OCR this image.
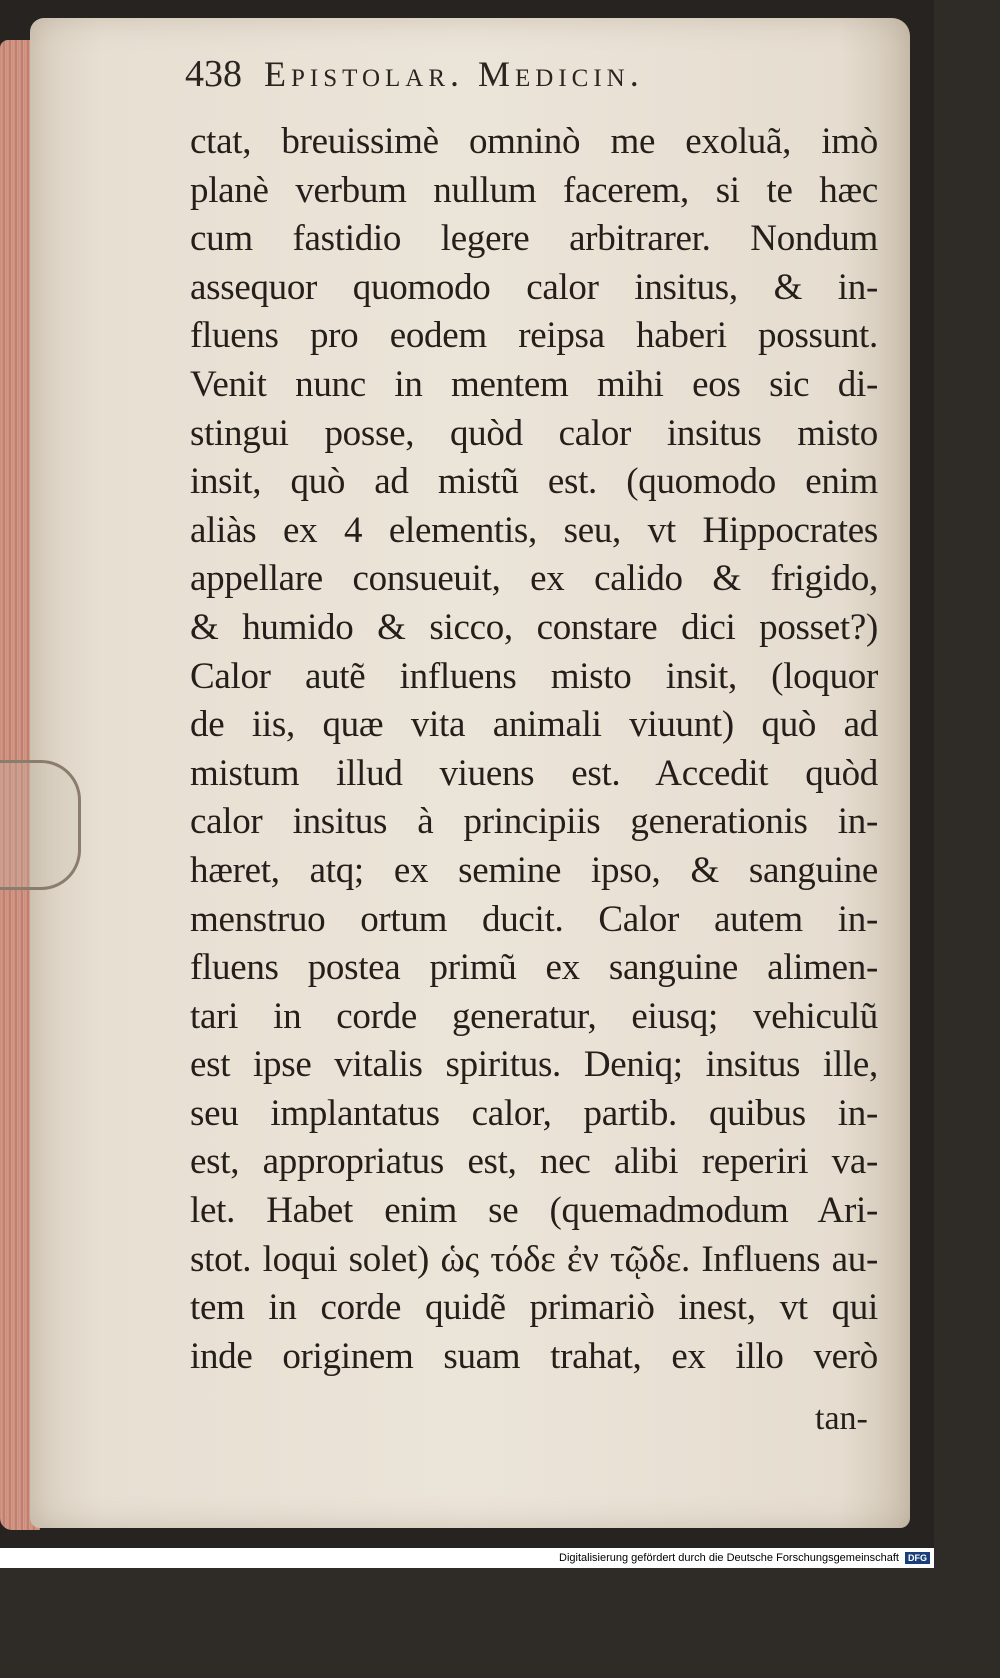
438 Epistolar. Medicin.
ctat, breuissimè omninò me exoluã, imò
planè verbum nullum facerem, si te hæc
cum fastidio legere arbitrarer. Nondum
assequor quomodo calor insitus, & in-
fluens pro eodem reipsa haberi possunt.
Venit nunc in mentem mihi eos sic di-
stingui posse, quòd calor insitus misto
insit, quò ad mistũ est. (quomodo enim
aliàs ex 4 elementis, seu, vt Hippocrates
appellare consueuit, ex calido & frigido,
& humido & sicco, constare dici posset?)
Calor autẽ influens misto insit, (loquor
de iis, quæ vita animali viuunt) quò ad
mistum illud viuens est. Accedit quòd
calor insitus à principiis generationis in-
hæret, atq; ex semine ipso, & sanguine
menstruo ortum ducit. Calor autem in-
fluens postea primũ ex sanguine alimen-
tari in corde generatur, eiusq; vehiculũ
est ipse vitalis spiritus. Deniq; insitus ille,
seu implantatus calor, partib. quibus in-
est, appropriatus est, nec alibi reperiri va-
let. Habet enim se (quemadmodum Ari-
stot. loqui solet) ὡς τόδε ἐν τῷδε. Influens au-
tem in corde quidẽ primariò inest, vt qui
inde originem suam trahat, ex illo verò
tan-
Digitalisierung gefördert durch die Deutsche Forschungsgemeinschaft	DFG
